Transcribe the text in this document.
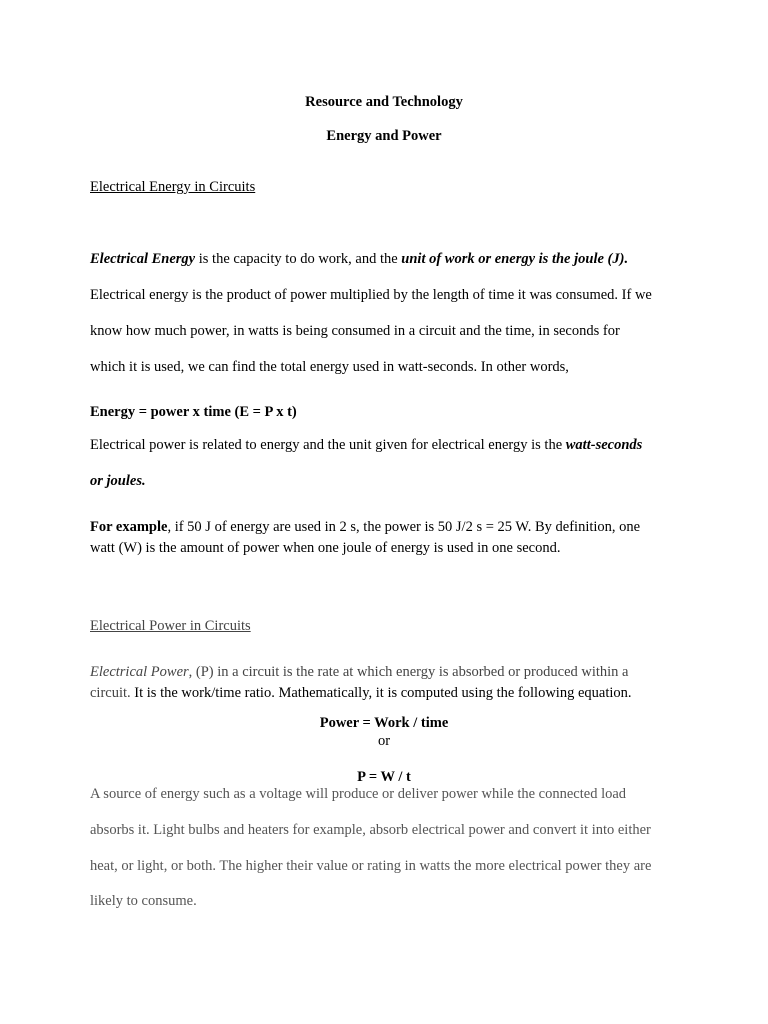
Resource and Technology
Energy and Power
Electrical Energy in Circuits
Electrical Energy is the capacity to do work, and the unit of work or energy is the joule (J).
Electrical energy is the product of power multiplied by the length of time it was consumed. If we
know how much power, in watts is being consumed in a circuit and the time, in seconds for
which it is used, we can find the total energy used in watt-seconds. In other words,
Energy = power x time (E = P x t)
Electrical power is related to energy and the unit given for electrical energy is the watt-seconds
or joules.
For example, if 50 J of energy are used in 2 s, the power is 50 J/2 s = 25 W. By definition, one
watt (W) is the amount of power when one joule of energy is used in one second.
Electrical Power in Circuits
Electrical Power, (P) in a circuit is the rate at which energy is absorbed or produced within a
circuit. It is the work/time ratio. Mathematically, it is computed using the following equation.
Power = Work / time
or
P = W / t
A source of energy such as a voltage will produce or deliver power while the connected load
absorbs it. Light bulbs and heaters for example, absorb electrical power and convert it into either
heat, or light, or both. The higher their value or rating in watts the more electrical power they are
likely to consume.
